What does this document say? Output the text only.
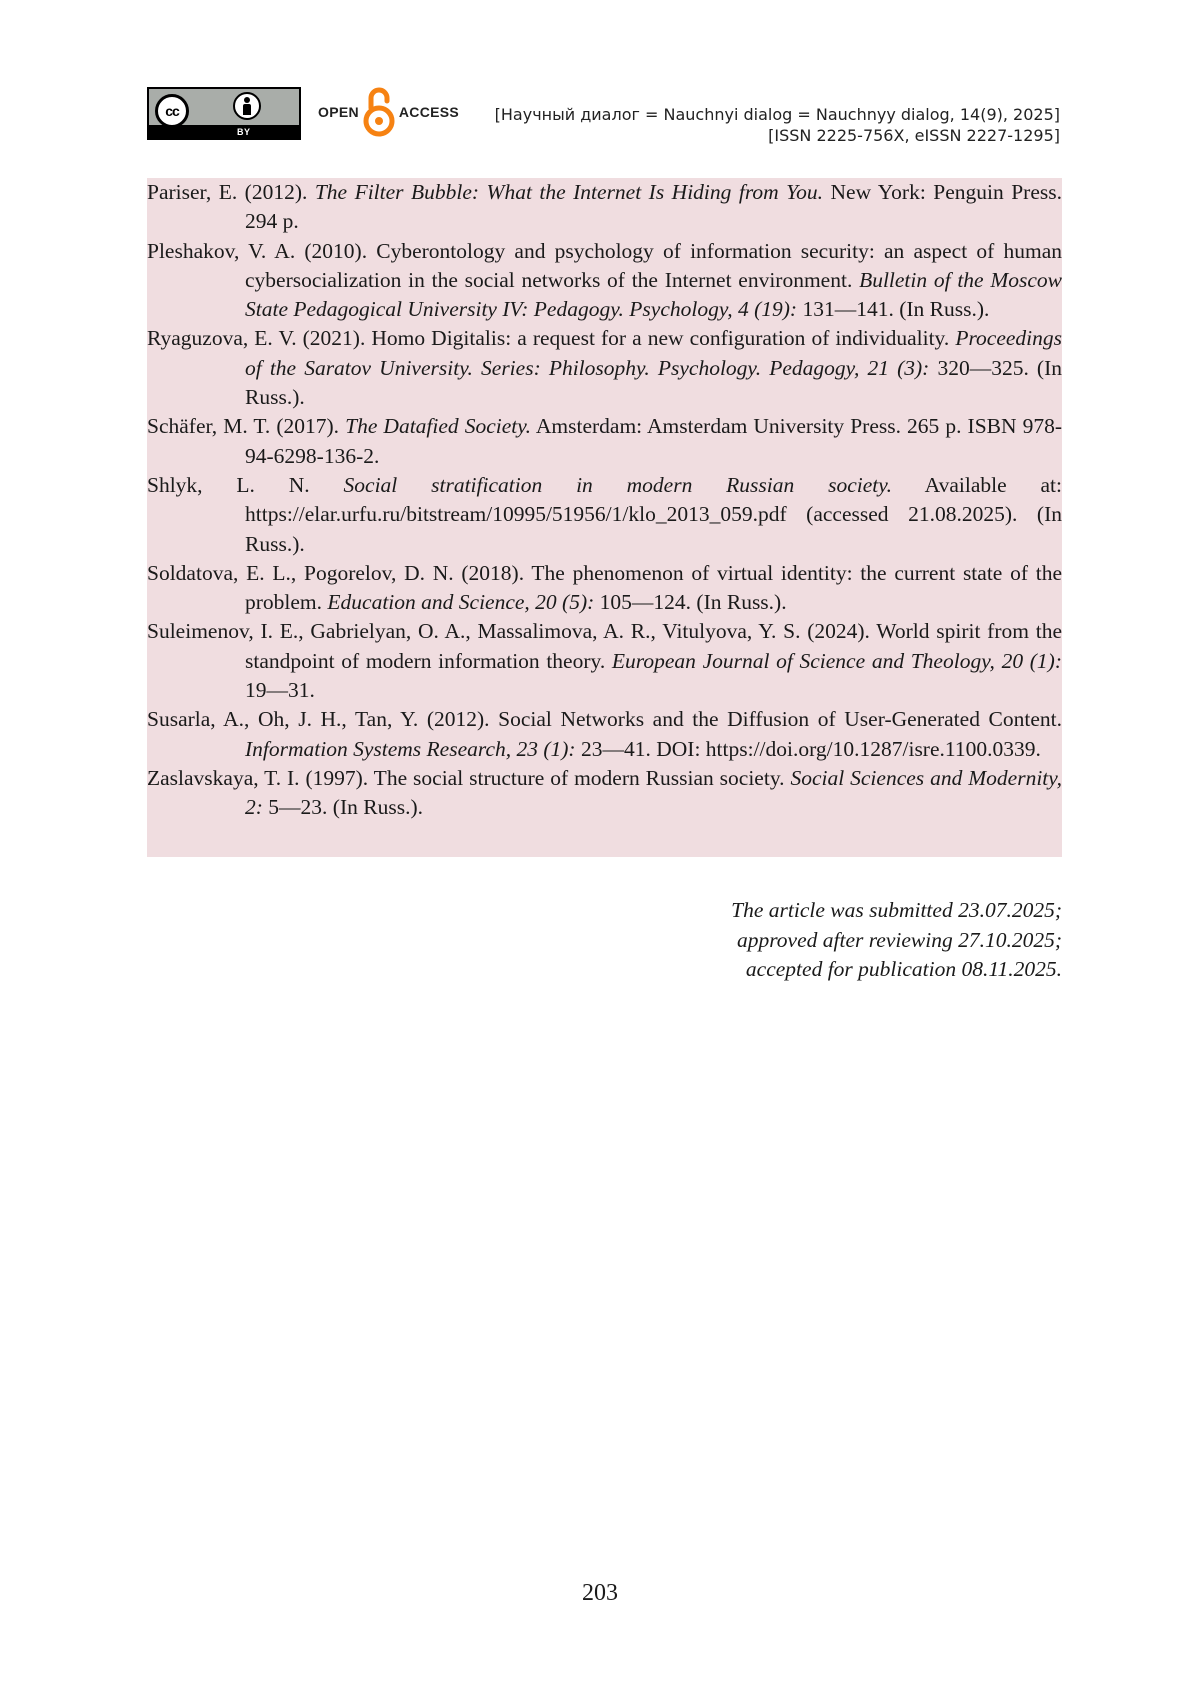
cc
BY
OPEN	ACCESS [Научный диалог = Nauchnyi dialog = Nauchnyy dialog, 14(9), 2025]
[ISSN 2225-756X, eISSN 2227-1295]

Pariser, E. (2012). The Filter Bubble: What the Internet Is Hiding from You. New York: Penguin Press. 294 p.

Pleshakov, V. A. (2010). Cyberontology and psychology of information security: an aspect of human cybersocialization in the social networks of the Internet environment. Bulletin of the Moscow State Pedagogical University IV: Pedagogy. Psychology, 4 (19): 131—141. (In Russ.).

Ryaguzova, E. V. (2021). Homo Digitalis: a request for a new configuration of individuality. Proceedings of the Saratov University. Series: Philosophy. Psychology. Pedagogy, 21 (3): 320—325. (In Russ.).

Schäfer, M. T. (2017). The Datafied Society. Amsterdam: Amsterdam University Press. 265 p. ISBN 978-94-6298-136-2.

Shlyk, L. N. Social stratification in modern Russian society. Available at: https://elar.urfu.ru/bitstream/10995/51956/1/klo_2013_059.pdf (accessed 21.08.2025). (In Russ.).

Soldatova, E. L., Pogorelov, D. N. (2018). The phenomenon of virtual identity: the current state of the problem. Education and Science, 20 (5): 105—124. (In Russ.).

Suleimenov, I. E., Gabrielyan, O. A., Massalimova, A. R., Vitulyova, Y. S. (2024). World spirit from the standpoint of modern information theory. European Journal of Science and Theology, 20 (1): 19—31.

Susarla, A., Oh, J. H., Tan, Y. (2012). Social Networks and the Diffusion of User-Generated Content. Information Systems Research, 23 (1): 23—41. DOI: https://doi.org/10.1287/isre.1100.0339.

Zaslavskaya, T. I. (1997). The social structure of modern Russian society. Social Sciences and Modernity, 2: 5—23. (In Russ.).

The article was submitted 23.07.2025;
approved after reviewing 27.10.2025;
accepted for publication 08.11.2025.
203
